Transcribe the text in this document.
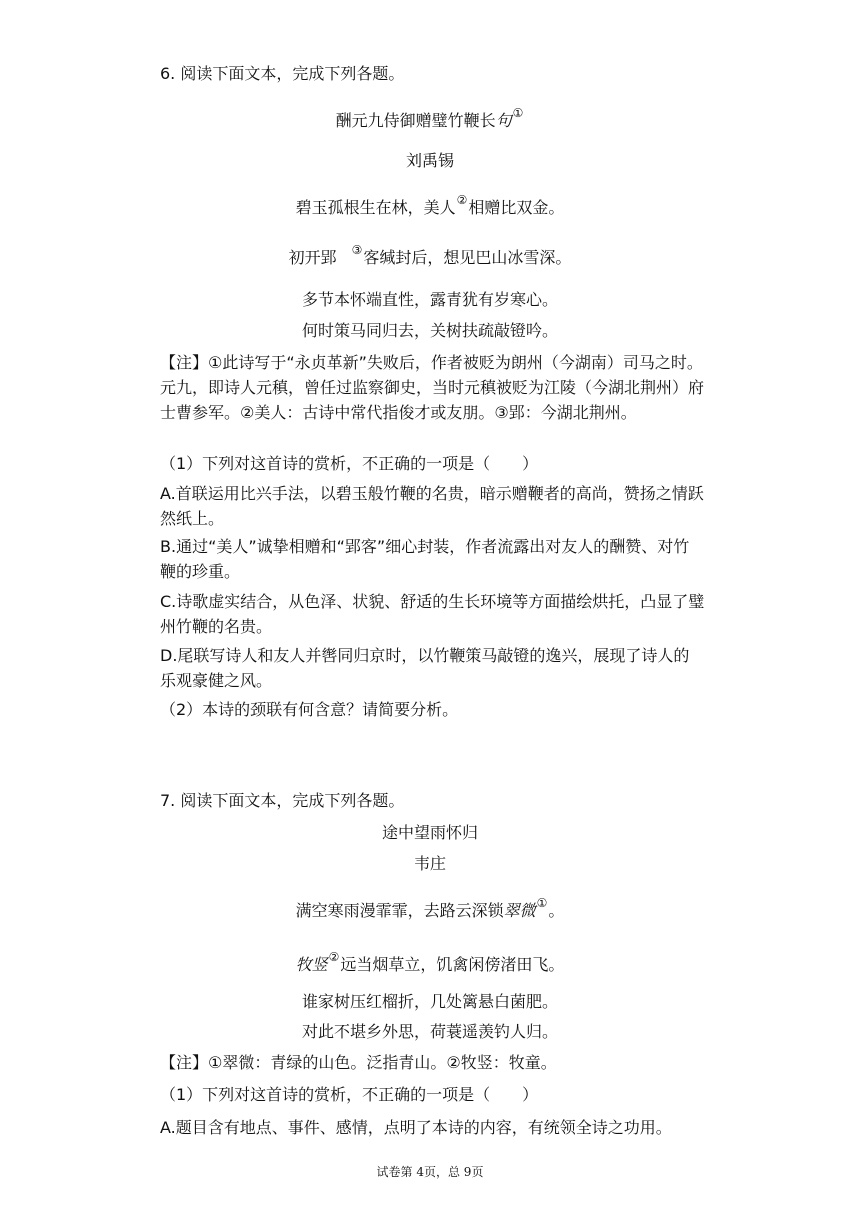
6. 阅读下面文本，完成下列各题。
酬元九侍御赠璧竹鞭长句①
刘禹锡
碧玉孤根生在林，美人②相赠比双金。
初开郢 ③客缄封后，想见巴山冰雪深。
多节本怀端直性，露青犹有岁寒心。
何时策马同归去，关树扶疏敲镫吟。
【注】①此诗写于“永贞革新”失败后，作者被贬为朗州（今湖南）司马之时。元九，即诗人元稹，曾任过监察御史，当时元稹被贬为江陵（今湖北荆州）府士曹参军。②美人：古诗中常代指俊才或友朋。③郢：今湖北荆州。
（1）下列对这首诗的赏析，不正确的一项是（　　）
A.首联运用比兴手法，以碧玉般竹鞭的名贵，暗示赠鞭者的高尚，赞扬之情跃然纸上。
B.通过“美人”诚挚相赠和“郢客”细心封装，作者流露出对友人的酬赞、对竹鞭的珍重。
C.诗歌虚实结合，从色泽、状貌、舒适的生长环境等方面描绘烘托，凸显了璧州竹鞭的名贵。
D.尾联写诗人和友人并辔同归京时，以竹鞭策马敲镫的逸兴，展现了诗人的乐观豪健之风。
（2）本诗的颈联有何含意？请简要分析。
7. 阅读下面文本，完成下列各题。
途中望雨怀归
韦庄
满空寒雨漫霏霏，去路云深锁翠微①。
牧竖②远当烟草立，饥禽闲傍渚田飞。
谁家树压红榴折，几处篱悬白菌肥。
对此不堪乡外思，荷蓑遥羡钓人归。
【注】①翠微：青绿的山色。泛指青山。②牧竖：牧童。
（1）下列对这首诗的赏析，不正确的一项是（　　）
A.题目含有地点、事件、感情，点明了本诗的内容，有统领全诗之功用。
试卷第 4页，总 9页
